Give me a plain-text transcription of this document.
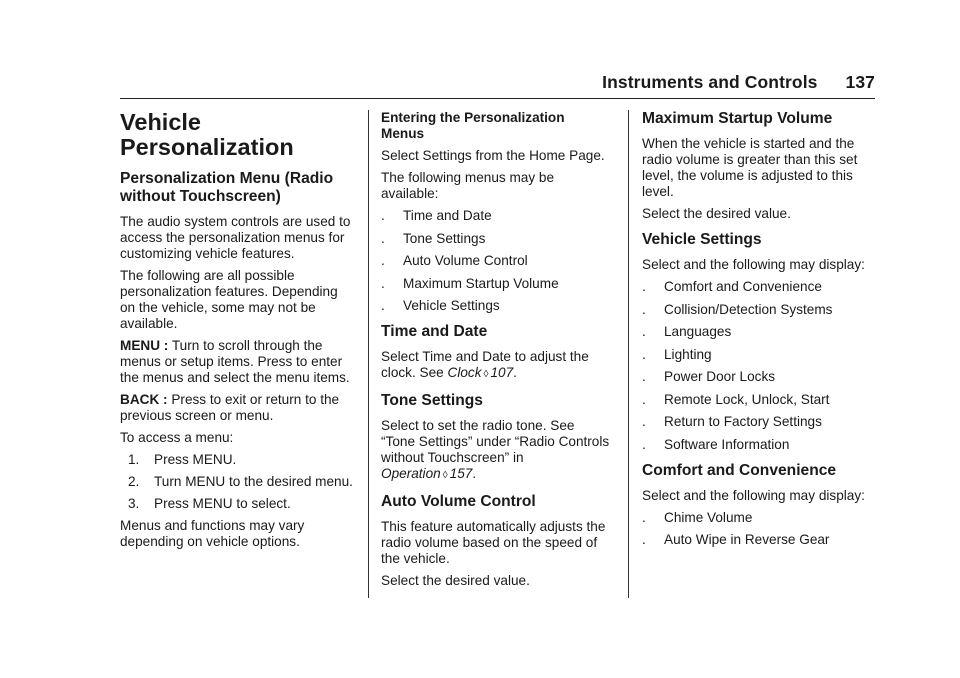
Instruments and Controls 137
Vehicle
Personalization
Personalization Menu (Radio without Touchscreen)

The audio system controls are used to access the personalization menus for customizing vehicle features.

The following are all possible personalization features. Depending on the vehicle, some may not be available.

MENU : Turn to scroll through the menus or setup items. Press to enter the menus and select the menu items.

BACK : Press to exit or return to the previous screen or menu.

To access a menu:

1. Press MENU.
2. Turn MENU to the desired menu.
3. Press MENU to select.

Menus and functions may vary depending on vehicle options.

Entering the Personalization Menus

Select Settings from the Home Page.

The following menus may be available:

. Time and Date
. Tone Settings
. Auto Volume Control
. Maximum Startup Volume
. Vehicle Settings
Time and Date

Select Time and Date to adjust the clock. See Clock ◊ 107.

Tone Settings

Select to set the radio tone. See “Tone Settings” under “Radio Controls without Touchscreen” in Operation ◊ 157.

Auto Volume Control

This feature automatically adjusts the radio volume based on the speed of the vehicle.

Select the desired value.

Maximum Startup Volume

When the vehicle is started and the radio volume is greater than this set level, the volume is adjusted to this level.

Select the desired value.

Vehicle Settings

Select and the following may display:

. Comfort and Convenience
. Collision/Detection Systems
. Languages
. Lighting
. Power Door Locks
. Remote Lock, Unlock, Start
. Return to Factory Settings
. Software Information
Comfort and Convenience

Select and the following may display:

. Chime Volume
. Auto Wipe in Reverse Gear
